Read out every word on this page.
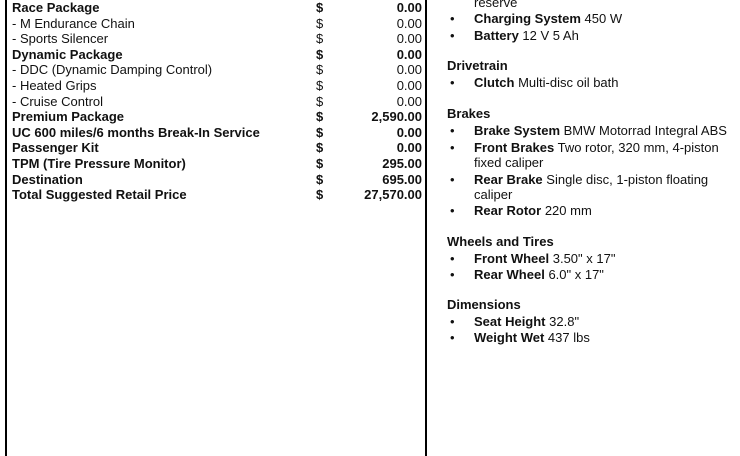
Race Package	$	0.00
- M Endurance Chain	$	0.00
- Sports Silencer	$	0.00
Dynamic Package	$	0.00
- DDC (Dynamic Damping Control)	$	0.00
- Heated Grips	$	0.00
- Cruise Control	$	0.00
Premium Package	$	2,590.00
UC 600 miles/6 months Break-In Service	$	0.00
Passenger Kit	$	0.00
TPM (Tire Pressure Monitor)	$	295.00
Destination	$	695.00
Total Suggested Retail Price	$	27,570.00
reserve
• Charging System 450 W
• Battery 12 V 5 Ah
Drivetrain
• Clutch Multi-disc oil bath
Brakes
• Brake System BMW Motorrad Integral ABS
• Front Brakes Two rotor, 320 mm, 4-piston
fixed caliper
• Rear Brake Single disc, 1-piston floating
caliper
• Rear Rotor 220 mm
Wheels and Tires
• Front Wheel 3.50" x 17"
• Rear Wheel 6.0" x 17"
Dimensions
• Seat Height 32.8"
• Weight Wet 437 lbs
